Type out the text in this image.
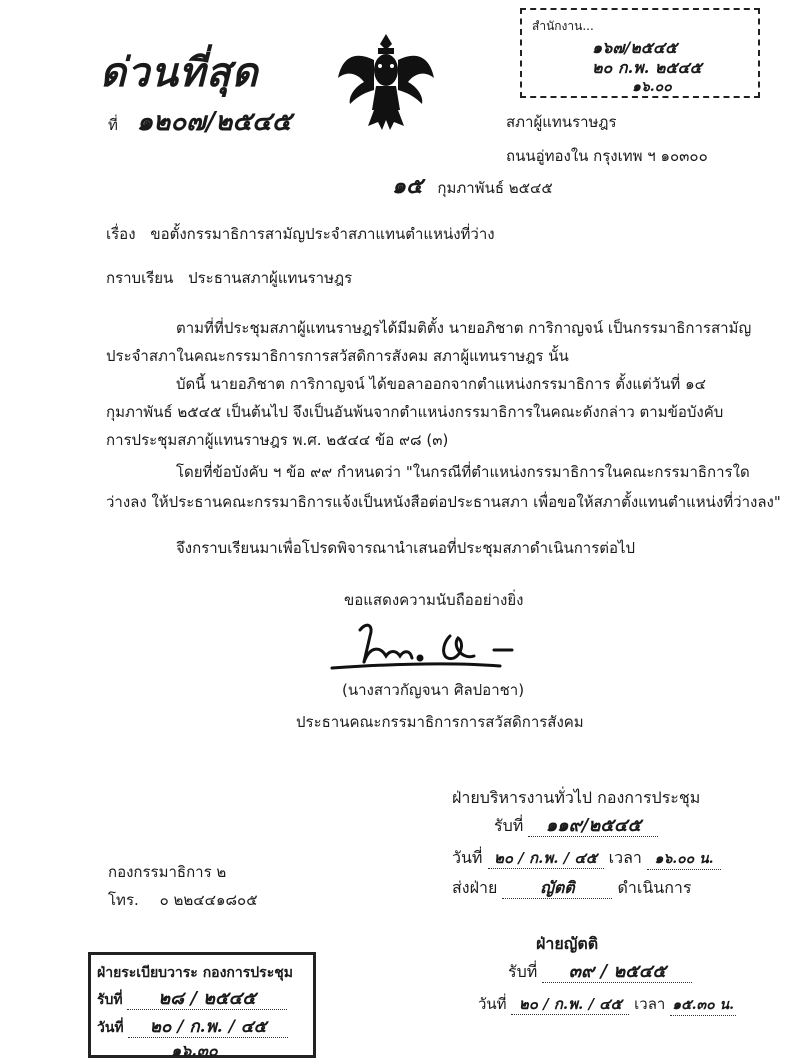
ด่วนที่สุด
ที่ ๑๒๐๗/๒๕๔๕
สำนักงาน...
๑๖๗/๒๕๔๕
๒๐ ก.พ. ๒๕๔๕
๑๖.๐๐
สภาผู้แทนราษฎร
ถนนอู่ทองใน กรุงเทพ ฯ ๑๐๓๐๐
๑๕ กุมภาพันธ์ ๒๕๔๕
เรื่อง ขอตั้งกรรมาธิการสามัญประจำสภาแทนตำแหน่งที่ว่าง
กราบเรียน ประธานสภาผู้แทนราษฎร
ตามที่ที่ประชุมสภาผู้แทนราษฎรได้มีมติตั้ง นายอภิชาต การิกาญจน์ เป็นกรรมาธิการสามัญ
ประจำสภาในคณะกรรมาธิการการสวัสดิการสังคม สภาผู้แทนราษฎร นั้น
บัดนี้ นายอภิชาต การิกาญจน์ ได้ขอลาออกจากตำแหน่งกรรมาธิการ ตั้งแต่วันที่ ๑๔
กุมภาพันธ์ ๒๕๔๕ เป็นต้นไป จึงเป็นอันพ้นจากตำแหน่งกรรมาธิการในคณะดังกล่าว ตามข้อบังคับ
การประชุมสภาผู้แทนราษฎร พ.ศ. ๒๕๔๔ ข้อ ๙๘ (๓)
โดยที่ข้อบังคับ ฯ ข้อ ๙๙ กำหนดว่า "ในกรณีที่ตำแหน่งกรรมาธิการในคณะกรรมาธิการใด
ว่างลง ให้ประธานคณะกรรมาธิการแจ้งเป็นหนังสือต่อประธานสภา เพื่อขอให้สภาตั้งแทนตำแหน่งที่ว่างลง"
จึงกราบเรียนมาเพื่อโปรดพิจารณานำเสนอที่ประชุมสภาดำเนินการต่อไป
ขอแสดงความนับถืออย่างยิ่ง
(นางสาวกัญจนา ศิลปอาชา)
ประธานคณะกรรมาธิการการสวัสดิการสังคม
กองกรรมาธิการ ๒
โทร. ๐ ๒๒๔๔๑๘๐๕
ฝ่ายบริหารงานทั่วไป กองการประชุม
รับที่ ๑๑๙/๒๕๔๕
วันที่ ๒๐ / ก.พ. / ๔๕ เวลา ๑๖.๐๐ น.
ส่งฝ่าย	ญัตติ	ดำเนินการ
ฝ่ายญัตติ
รับที่ ๓๙ / ๒๕๔๕
วันที่ ๒๐ / ก.พ. / ๔๕ เวลา ๑๕.๓๐ น.
ฝ่ายระเบียบวาระ กองการประชุม
รับที่ ๒๘ / ๒๕๔๕
วันที่ ๒๐ / ก.พ. / ๔๕
๑๖.๓๐
